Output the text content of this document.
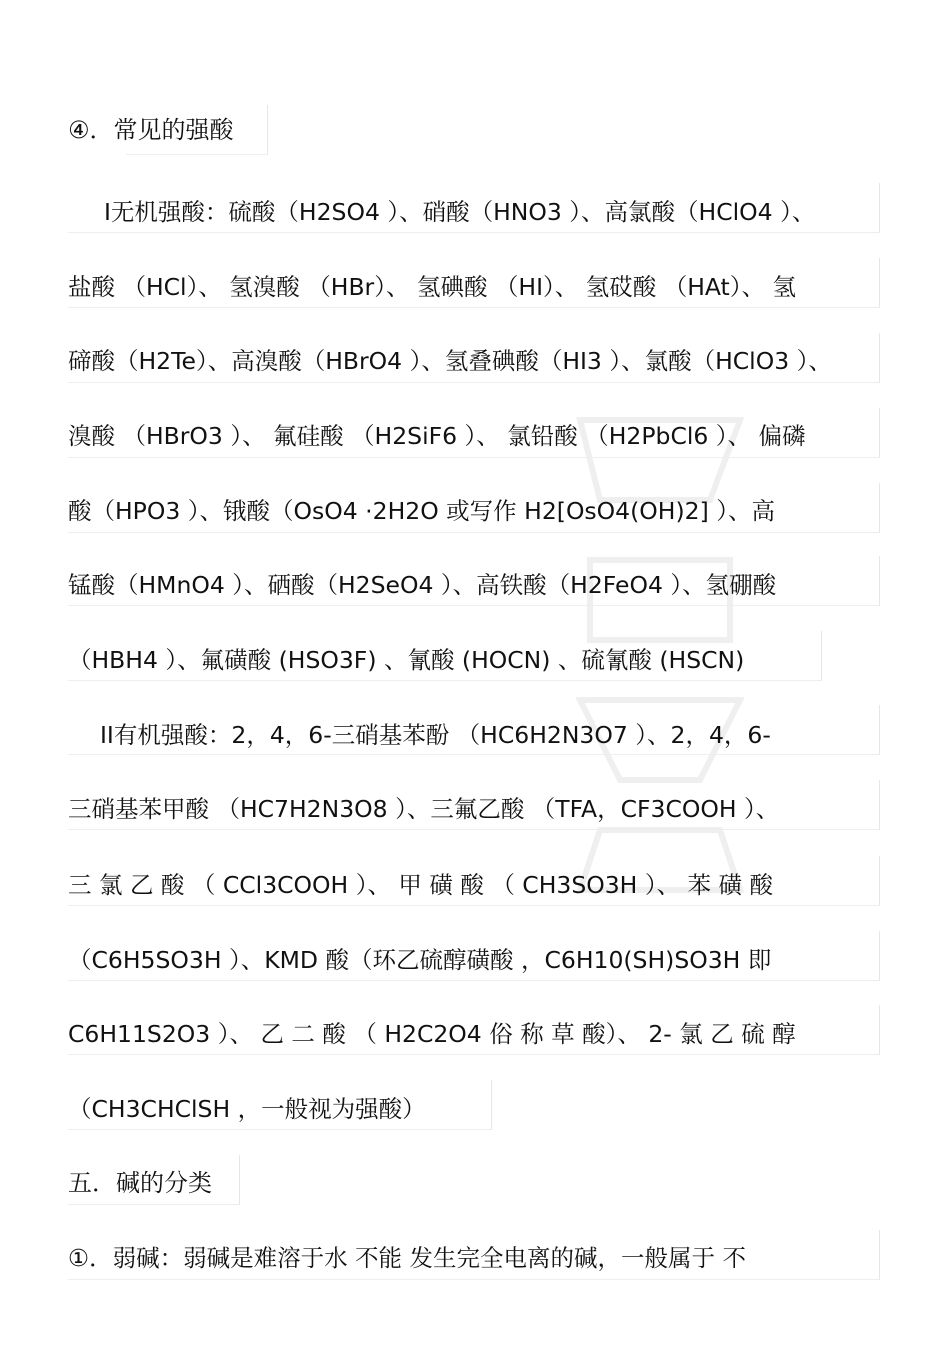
④．常见的强酸
I无机强酸：硫酸（H2SO4 ）、硝酸（HNO3 ）、高氯酸（HClO4 ）、
盐酸 （HCl）、 氢溴酸 （HBr）、 氢碘酸 （HI）、 氢砹酸 （HAt）、 氢
碲酸（H2Te）、高溴酸（HBrO4 ）、氢叠碘酸（HI3 ）、氯酸（HClO3 ）、
溴酸 （HBrO3 ）、 氟硅酸 （H2SiF6 ）、 氯铅酸 （H2PbCl6 ）、 偏磷
酸（HPO3 ）、锇酸（OsO4 ·2H2O 或写作 H2[OsO4(OH)2] ）、高
锰酸（HMnO4 ）、硒酸（H2SeO4 ）、高铁酸（H2FeO4 ）、氢硼酸
（HBH4 ）、氟磺酸 (HSO3F) 、氰酸 (HOCN) 、硫氰酸 (HSCN)
II有机强酸：2，4，6-三硝基苯酚 （HC6H2N3O7 ）、2，4，6-
三硝基苯甲酸 （HC7H2N3O8 ）、三氟乙酸 （TFA，CF3COOH ）、
三 氯 乙 酸 （ CCl3COOH ）、 甲 磺 酸 （ CH3SO3H ）、 苯 磺 酸
（C6H5SO3H ）、KMD 酸（环乙硫醇磺酸 ，C6H10(SH)SO3H 即
C6H11S2O3 ）、 乙 二 酸 （ H2C2O4 俗 称 草 酸）、 2- 氯 乙 硫 醇
（CH3CHClSH ，一般视为强酸）
五．碱的分类
①．弱碱：弱碱是难溶于水 不能 发生完全电离的碱，一般属于 不
